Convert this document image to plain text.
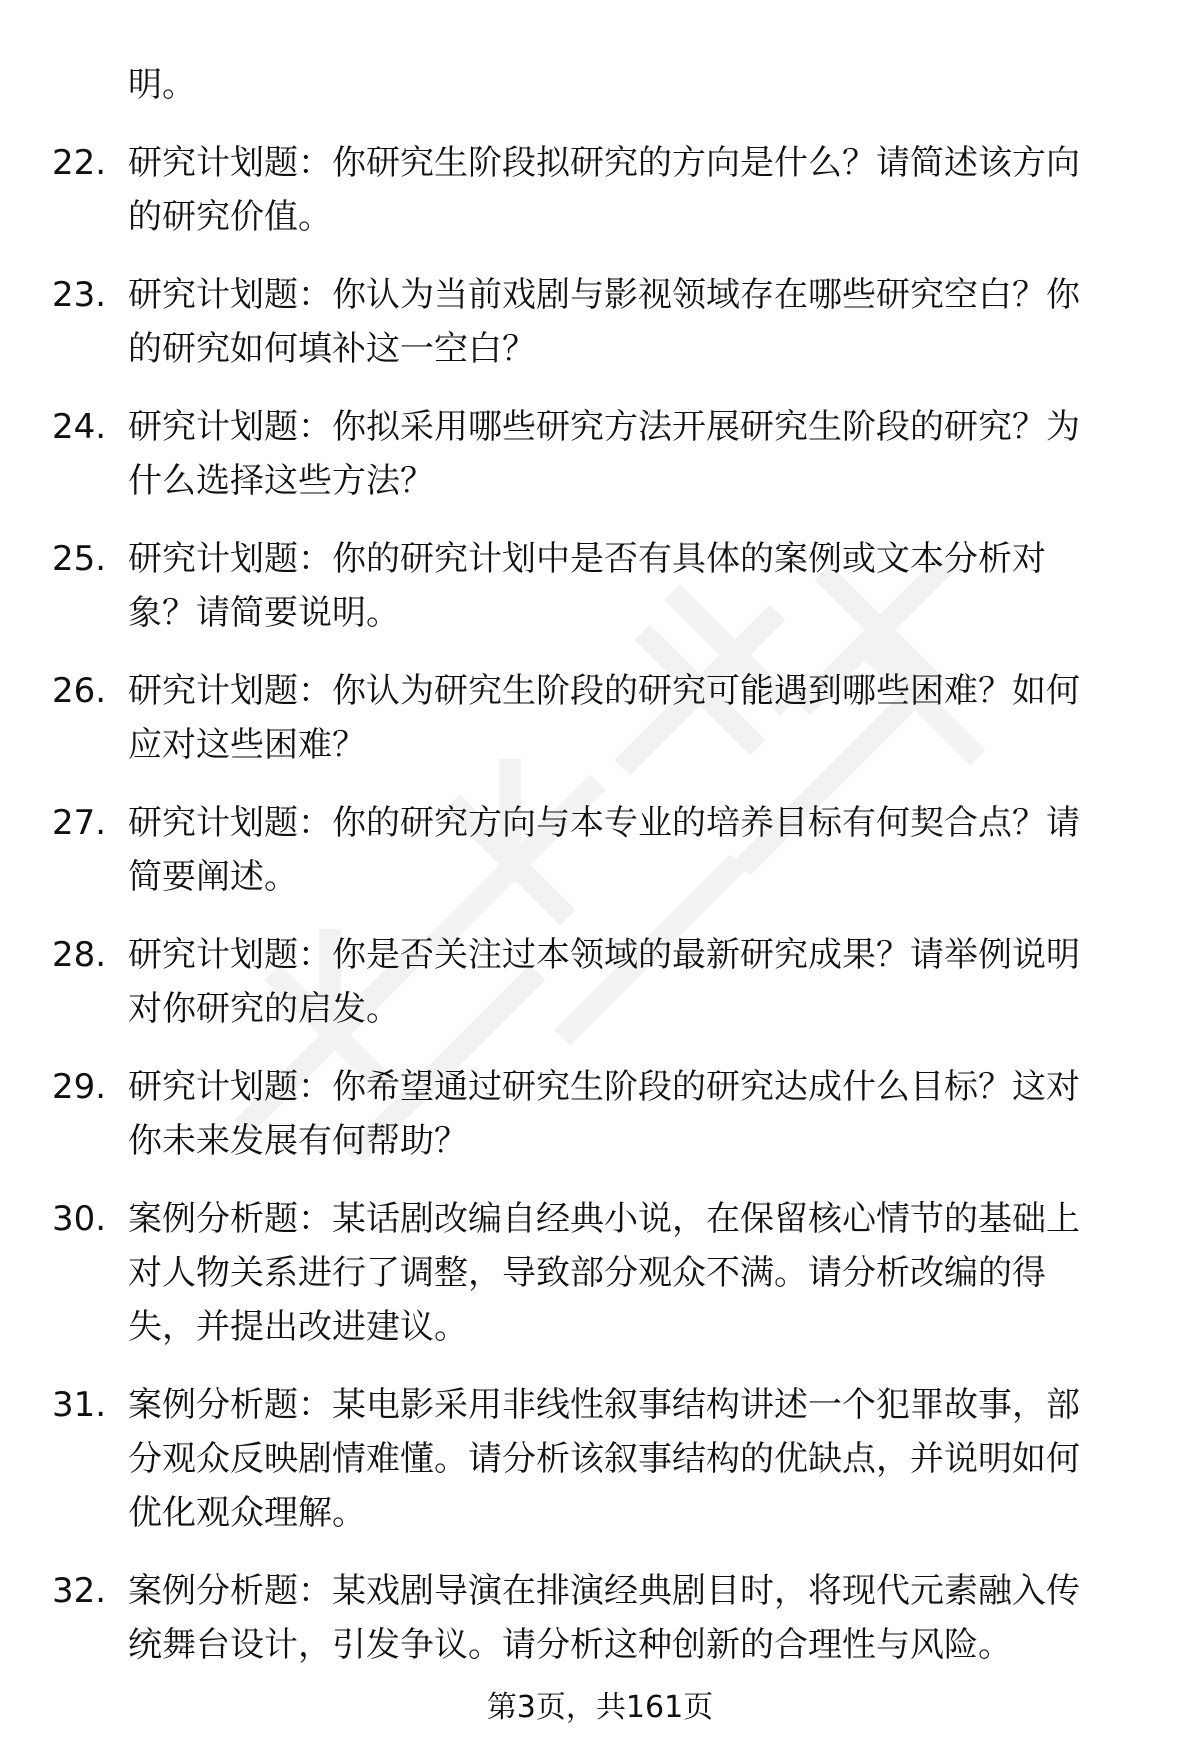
明。
22. 研究计划题：你研究生阶段拟研究的方向是什么？请简述该方向
的研究价值。
23. 研究计划题：你认为当前戏剧与影视领域存在哪些研究空白？你
的研究如何填补这一空白？
24. 研究计划题：你拟采用哪些研究方法开展研究生阶段的研究？为
什么选择这些方法？
25. 研究计划题：你的研究计划中是否有具体的案例或文本分析对
象？请简要说明。
26. 研究计划题：你认为研究生阶段的研究可能遇到哪些困难？如何
应对这些困难？
27. 研究计划题：你的研究方向与本专业的培养目标有何契合点？请
简要阐述。
28. 研究计划题：你是否关注过本领域的最新研究成果？请举例说明
对你研究的启发。
29. 研究计划题：你希望通过研究生阶段的研究达成什么目标？这对
你未来发展有何帮助？
30. 案例分析题：某话剧改编自经典小说，在保留核心情节的基础上
对人物关系进行了调整，导致部分观众不满。请分析改编的得
失，并提出改进建议。
31. 案例分析题：某电影采用非线性叙事结构讲述一个犯罪故事，部
分观众反映剧情难懂。请分析该叙事结构的优缺点，并说明如何
优化观众理解。
32. 案例分析题：某戏剧导演在排演经典剧目时，将现代元素融入传
统舞台设计，引发争议。请分析这种创新的合理性与风险。
第3页，共161页
